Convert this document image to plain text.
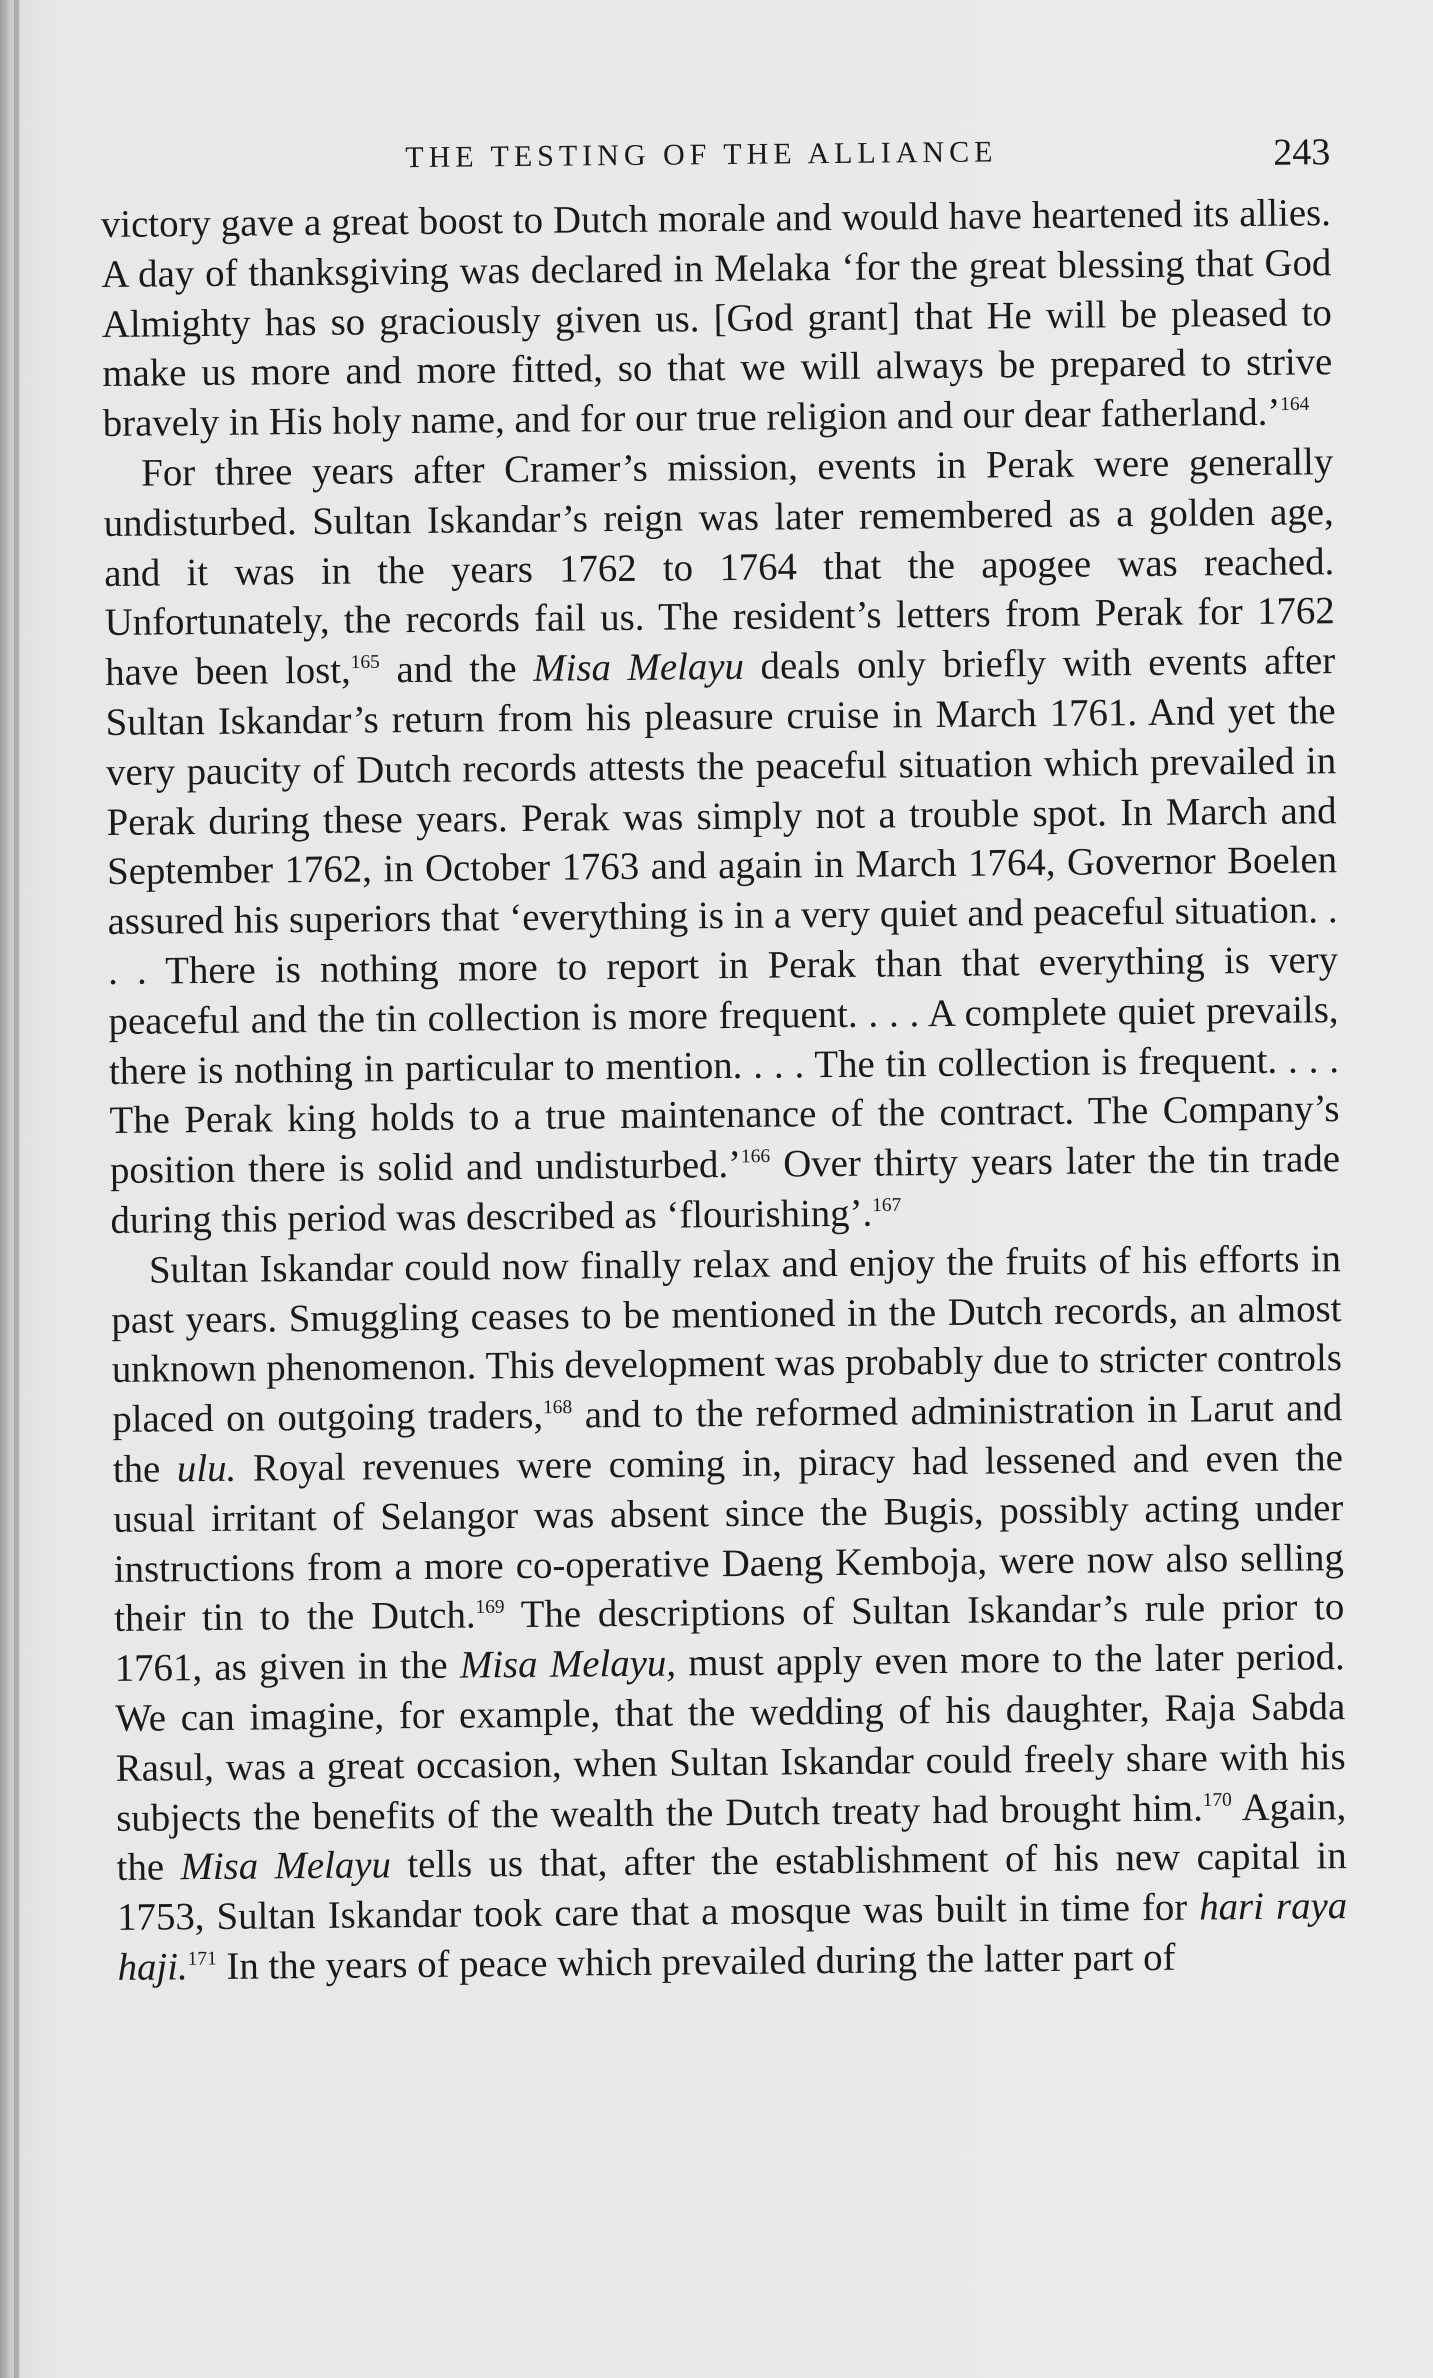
THE TESTING OF THE ALLIANCE	243

victory gave a great boost to Dutch morale and would have heartened its allies. A day of thanksgiving was declared in Melaka ‘for the great blessing that God Almighty has so graciously given us. [God grant] that He will be pleased to make us more and more fitted, so that we will always be prepared to strive bravely in His holy name, and for our true religion and our dear fatherland.’$^{164}$

For three years after Cramer’s mission, events in Perak were generally undisturbed. Sultan Iskandar’s reign was later remembered as a golden age, and it was in the years 1762 to 1764 that the apogee was reached. Unfortunately, the records fail us. The resident’s letters from Perak for 1762 have been lost,$^{165}$ and the Misa Melayu deals only briefly with events after Sultan Iskandar’s return from his pleasure cruise in March 1761. And yet the very paucity of Dutch records attests the peaceful situation which prevailed in Perak during these years. Perak was simply not a trouble spot. In March and September 1762, in October 1763 and again in March 1764, Governor Boelen assured his superiors that ‘everything is in a very quiet and peaceful situation. . . . There is nothing more to report in Perak than that everything is very peaceful and the tin collection is more frequent. . . . A complete quiet prevails, there is nothing in particular to mention. . . . The tin collection is frequent. . . . The Perak king holds to a true maintenance of the contract. The Company’s position there is solid and undisturbed.’$^{166}$ Over thirty years later the tin trade during this period was described as ‘flourishing’.$^{167}$

Sultan Iskandar could now finally relax and enjoy the fruits of his efforts in past years. Smuggling ceases to be mentioned in the Dutch records, an almost unknown phenomenon. This development was probably due to stricter controls placed on outgoing traders,$^{168}$ and to the reformed administration in Larut and the ulu. Royal revenues were coming in, piracy had lessened and even the usual irritant of Selangor was absent since the Bugis, possibly acting under instructions from a more co-operative Daeng Kemboja, were now also selling their tin to the Dutch.$^{169}$ The descriptions of Sultan Iskandar’s rule prior to 1761, as given in the Misa Melayu, must apply even more to the later period. We can imagine, for example, that the wedding of his daughter, Raja Sabda Rasul, was a great occasion, when Sultan Iskandar could freely share with his subjects the benefits of the wealth the Dutch treaty had brought him.$^{170}$ Again, the Misa Melayu tells us that, after the establishment of his new capital in 1753, Sultan Iskandar took care that a mosque was built in time for hari raya haji.$^{171}$ In the years of peace which prevailed during the latter part of
